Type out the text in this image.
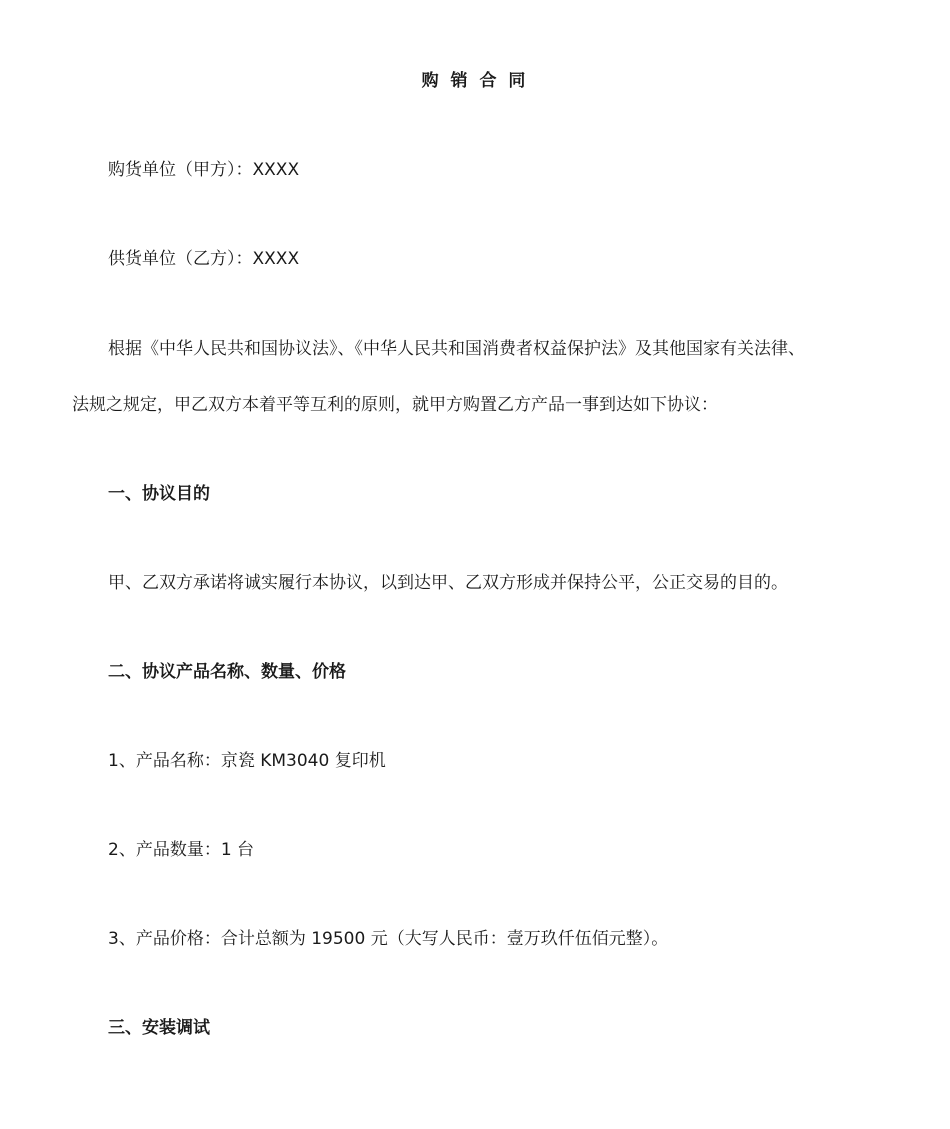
购 销 合 同

购货单位（甲方）：XXXX

供货单位（乙方）：XXXX

根据《中华人民共和国协议法》、《中华人民共和国消费者权益保护法》及其他国家有关法律、

法规之规定，甲乙双方本着平等互利的原则，就甲方购置乙方产品一事到达如下协议：

一、协议目的

甲、乙双方承诺将诚实履行本协议，以到达甲、乙双方形成并保持公平，公正交易的目的。

二、协议产品名称、数量、价格

1、产品名称：京瓷 KM3040 复印机

2、产品数量：1 台

3、产品价格：合计总额为 19500 元（大写人民币：壹万玖仟伍佰元整）。

三、安装调试
